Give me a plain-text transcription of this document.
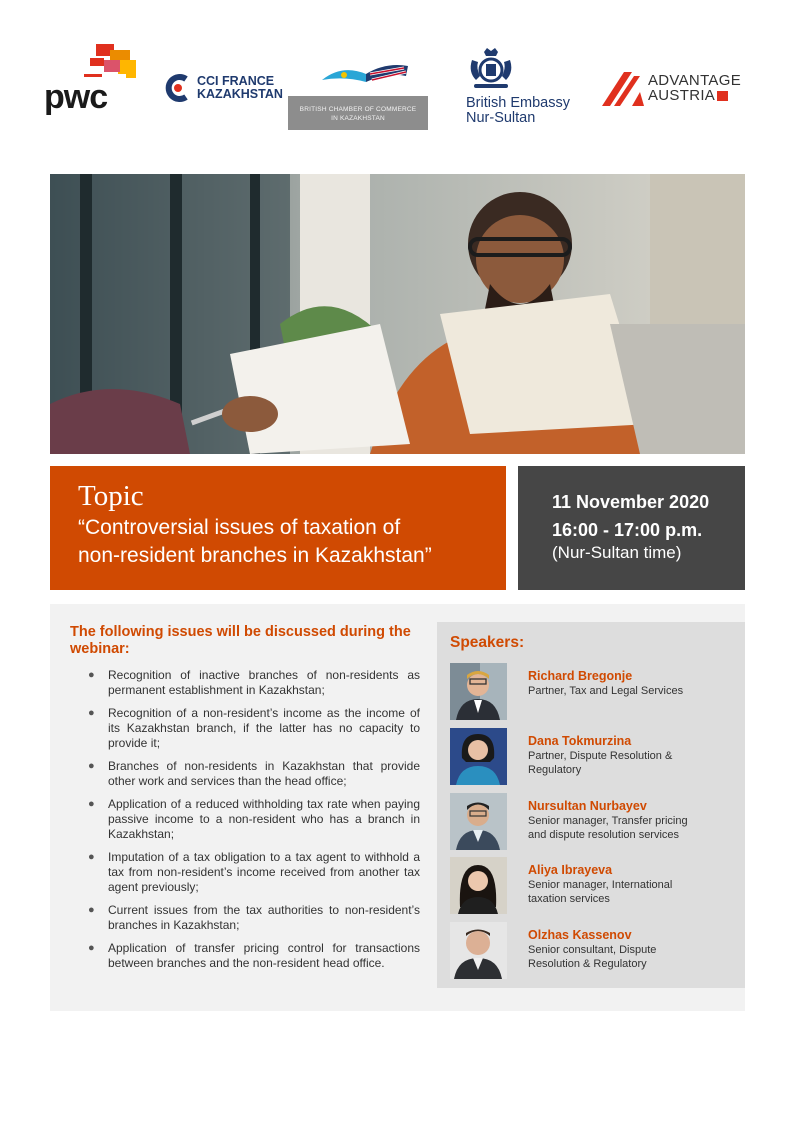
pwc	CCI FRANCE
KAZAKHSTAN
BRITISH CHAMBER OF COMMERCE
IN KAZAKHSTAN
British Embassy
Nur-Sultan
ADVANTAGE
AUSTRIA
Topic
“Controversial issues of taxation of
non-resident branches in Kazakhstan”
11 November 2020
16:00 - 17:00 p.m.
(Nur-Sultan time)
The following issues will be discussed during the webinar:
● Recognition of inactive branches of non-residents as permanent establishment in Kazakhstan;
● Recognition of a non-resident’s income as the income of its Kazakhstan branch, if the latter has no capacity to provide it;
● Branches of non-residents in Kazakhstan that provide other work and services than the head office;
● Application of a reduced withholding tax rate when paying passive income to a non-resident who has a branch in Kazakhstan;
● Imputation of a tax obligation to a tax agent to withhold a tax from non-resident’s income received from another tax agent previously;
● Current issues from the tax authorities to non-resident’s branches in Kazakhstan;
● Application of transfer pricing control for transactions between branches and the non-resident head office.
Speakers:
Richard Bregonje
Partner, Tax and Legal Services
Dana Tokmurzina
Partner, Dispute Resolution & Regulatory
Nursultan Nurbayev
Senior manager, Transfer pricing and dispute resolution services
Aliya Ibrayeva
Senior manager, International taxation services
Olzhas Kassenov
Senior consultant, Dispute Resolution & Regulatory
